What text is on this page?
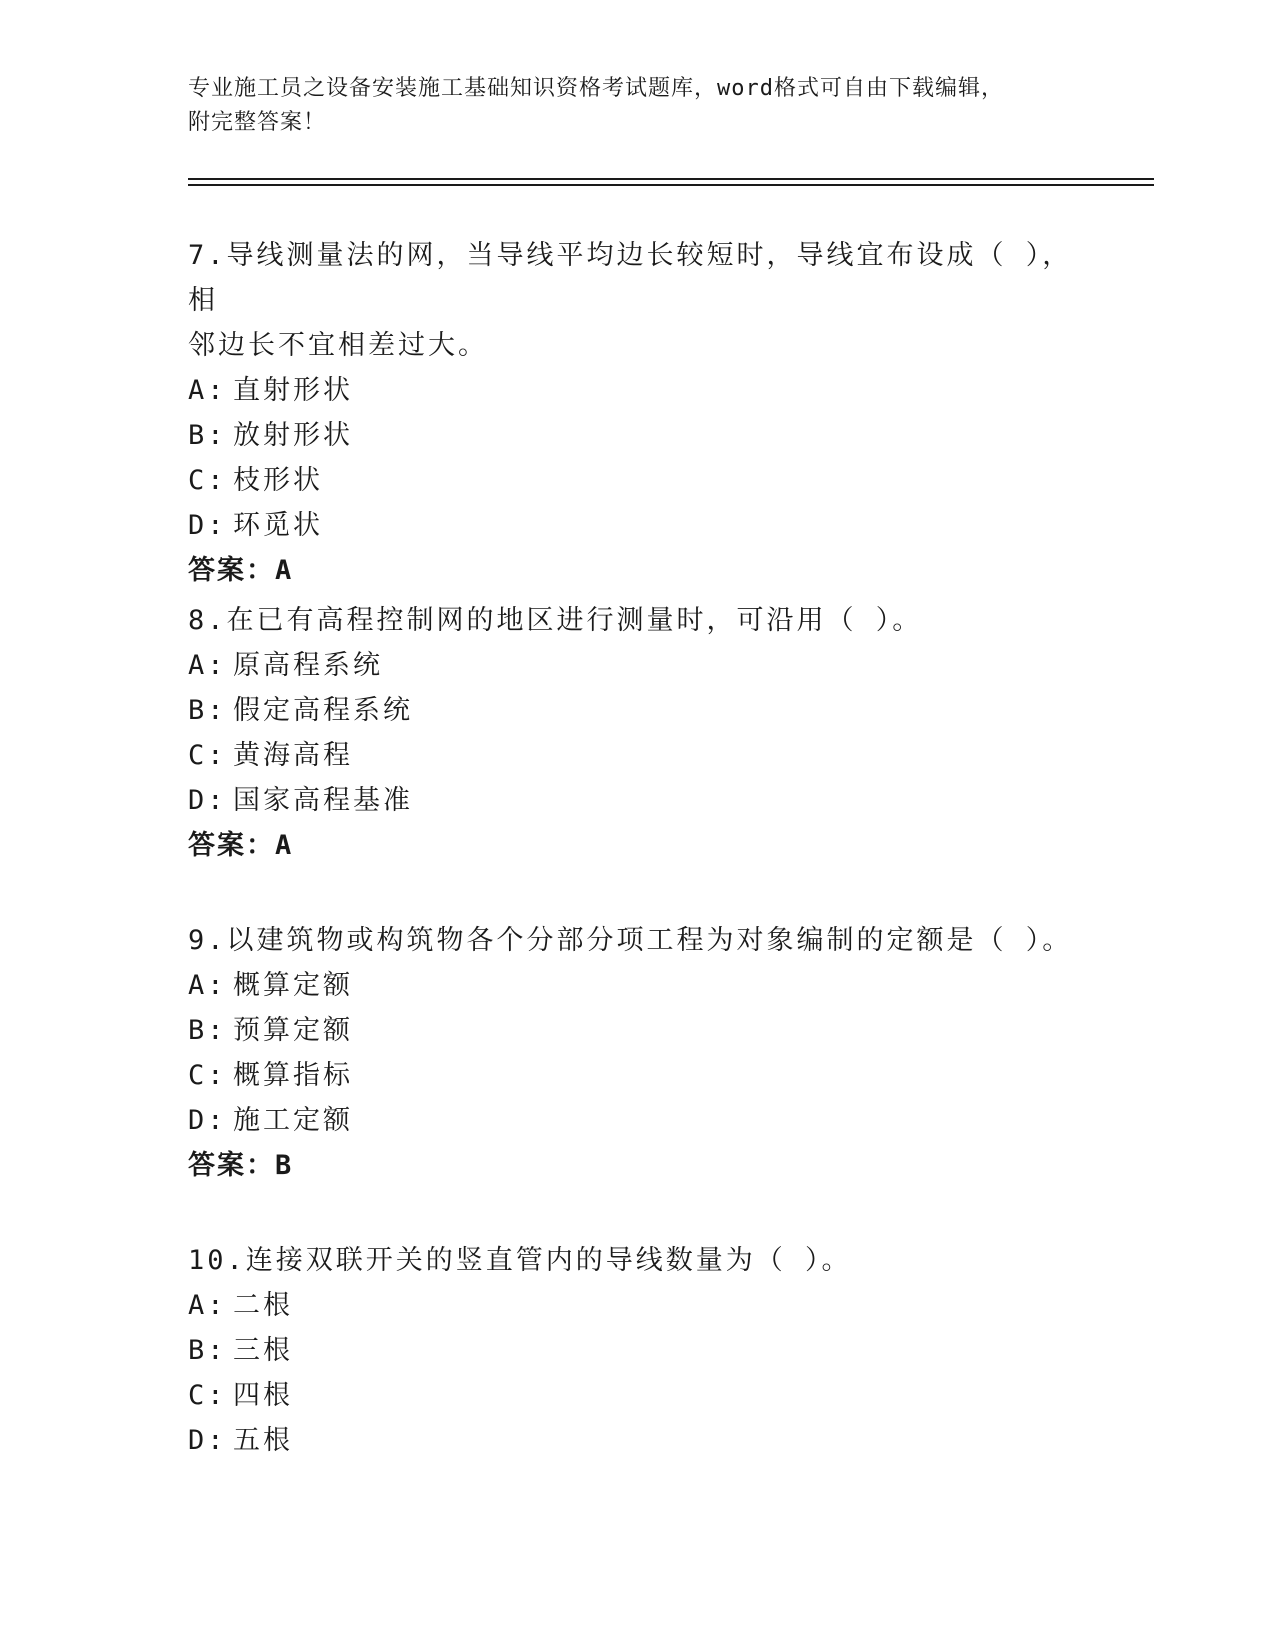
专业施工员之设备安装施工基础知识资格考试题库，word格式可自由下载编辑，
附完整答案！

7.导线测量法的网，当导线平均边长较短时，导线宜布设成（ ），相

邻边长不宜相差过大。

A: 直射形状

B: 放射形状

C: 枝形状

D: 环觅状

答案：A

8.在已有高程控制网的地区进行测量时，可沿用（ ）。

A: 原高程系统

B: 假定高程系统

C: 黄海高程

D: 国家高程基准

答案：A

9.以建筑物或构筑物各个分部分项工程为对象编制的定额是（ ）。

A: 概算定额

B: 预算定额

C: 概算指标

D: 施工定额

答案：B

10.连接双联开关的竖直管内的导线数量为（ ）。

A: 二根

B: 三根

C: 四根

D: 五根
